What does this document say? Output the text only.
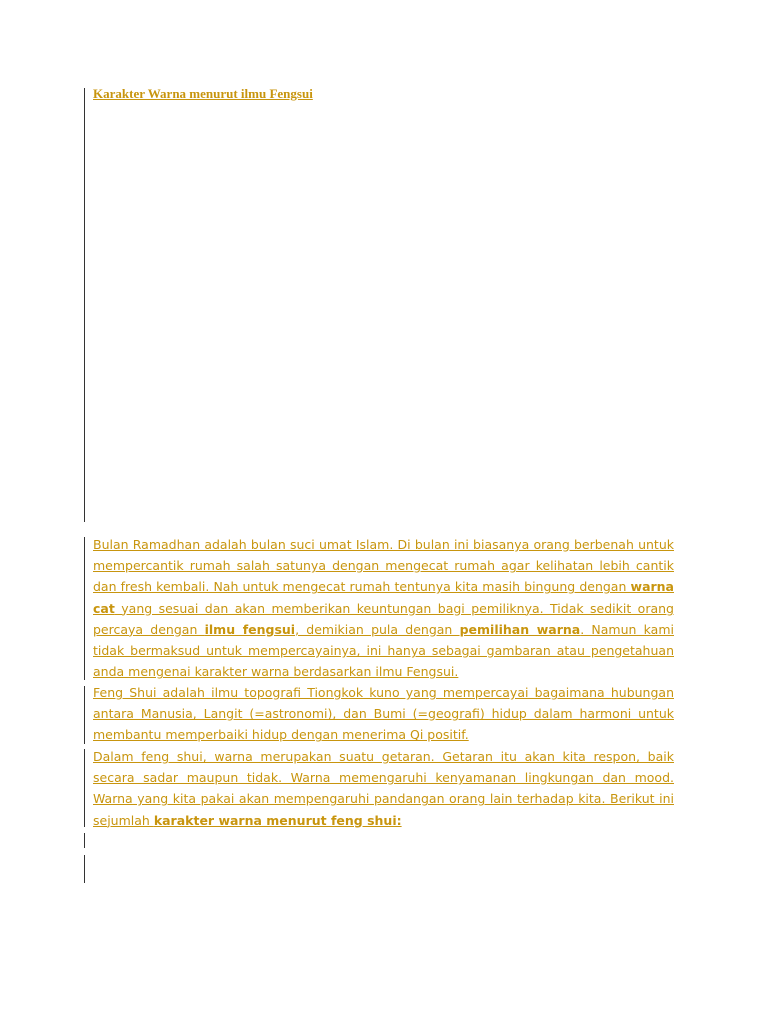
Karakter Warna menurut ilmu Fengsui

Bulan Ramadhan adalah bulan suci umat Islam. Di bulan ini biasanya orang berbenah untuk mempercantik rumah salah satunya dengan mengecat rumah agar kelihatan lebih cantik dan fresh kembali. Nah untuk mengecat rumah tentunya kita masih bingung dengan warna cat yang sesuai dan akan memberikan keuntungan bagi pemiliknya. Tidak sedikit orang percaya dengan ilmu fengsui, demikian pula dengan pemilihan warna. Namun kami tidak bermaksud untuk mempercayainya, ini hanya sebagai gambaran atau pengetahuan anda mengenai karakter warna berdasarkan ilmu Fengsui.

Feng Shui adalah ilmu topografi Tiongkok kuno yang mempercayai bagaimana hubungan antara Manusia, Langit (=astronomi), dan Bumi (=geografi) hidup dalam harmoni untuk membantu memperbaiki hidup dengan menerima Qi positif.

Dalam feng shui, warna merupakan suatu getaran. Getaran itu akan kita respon, baik secara sadar maupun tidak. Warna memengaruhi kenyamanan lingkungan dan mood. Warna yang kita pakai akan mempengaruhi pandangan orang lain terhadap kita. Berikut ini sejumlah karakter warna menurut feng shui:
